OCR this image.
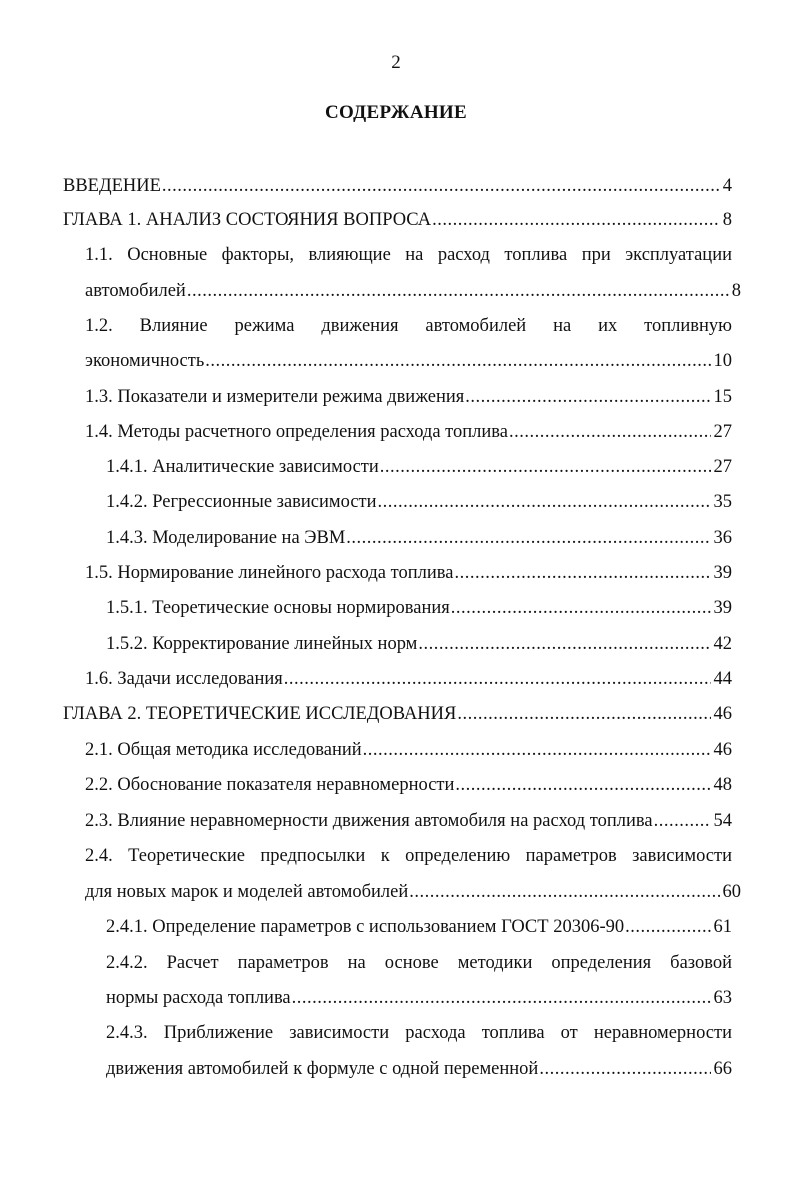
2
СОДЕРЖАНИЕ
ВВЕДЕНИЕ .....	4
ГЛАВА 1. АНАЛИЗ СОСТОЯНИЯ ВОПРОСА .....	8
1.1. Основные факторы, влияющие на расход топлива при эксплуатации
автомобилей .....	8
1.2. Влияние режима движения автомобилей на их топливную
экономичность .....	10
1.3. Показатели и измерители режима движения .....	15
1.4. Методы расчетного определения расхода топлива .....	27
1.4.1. Аналитические зависимости .....	27
1.4.2. Регрессионные зависимости .....	35
1.4.3. Моделирование на ЭВМ .....	36
1.5. Нормирование линейного расхода топлива .....	39
1.5.1. Теоретические основы нормирования .....	39
1.5.2. Корректирование линейных норм .....	42
1.6. Задачи исследования .....	44
ГЛАВА 2. ТЕОРЕТИЧЕСКИЕ ИССЛЕДОВАНИЯ .....	46
2.1. Общая методика исследований .....	46
2.2. Обоснование показателя неравномерности .....	48
2.3. Влияние неравномерности движения автомобиля на расход топлива .....	54
2.4. Теоретические предпосылки к определению параметров зависимости
для новых марок и моделей автомобилей .....	60
2.4.1. Определение параметров с использованием ГОСТ 20306-90 .....	61
2.4.2. Расчет параметров на основе методики определения базовой
нормы расхода топлива .....	63
2.4.3. Приближение зависимости расхода топлива от неравномерности
движения автомобилей к формуле с одной переменной .....	66
